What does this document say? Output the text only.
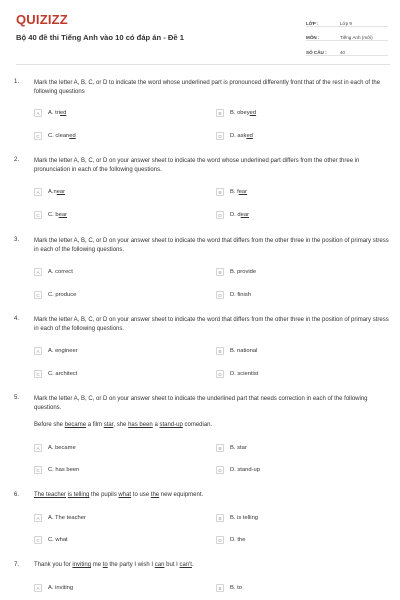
QUIZIZZ
Bộ 40 đề thi Tiếng Anh vào 10 có đáp án - Đề 1
LỚP :	Lớp 9
MÔN :	Tiếng Anh (mới)
SỐ CÂU :	40
1. Mark the letter A, B, C, or D to indicate the word whose underlined part is pronounced differently front that of the rest in each of the following questions
A	A. tried	B	B. obeyed
C	C. cleaned	D	D. asked
2. Mark the letter A, B, C, or D on your answer sheet to indicate the word whose underlined part differs from the other three in pronunciation in each of the following questions.
A	A.near	B	B. fear
C	C. bear	D	D. dear
3. Mark the letter A, B, C, or D on your answer sheet to indicate the word that differs from the other three in the position of primary stress in each of the following questions.
A	A. correct	B	B. provide
C	C. produce	D	D. finish
4. Mark the letter A, B, C, or D on your answer sheet to indicate the word that differs from the other three in the position of primary stress in each of the following questions.
A	A. engineer	B	B. national
C	C. architect	D	D. scientist
5. Mark the letter A, B, C, or D on your answer sheet to indicate the underlined part that needs correction in each of the following questions.
Before she became a film star, she has been a stand-up comedian.
A	A. became	B	B. star
C	C. has been	D	D. stand-up
6. The teacher is telling the pupils what to use the new equipment.
A	A. The teacher	B	B. is telling
C	C. what	D	D. the
7. Thank you for inviting me to the party I wish I can but I can't.
A	A. inviting	B	B. to
